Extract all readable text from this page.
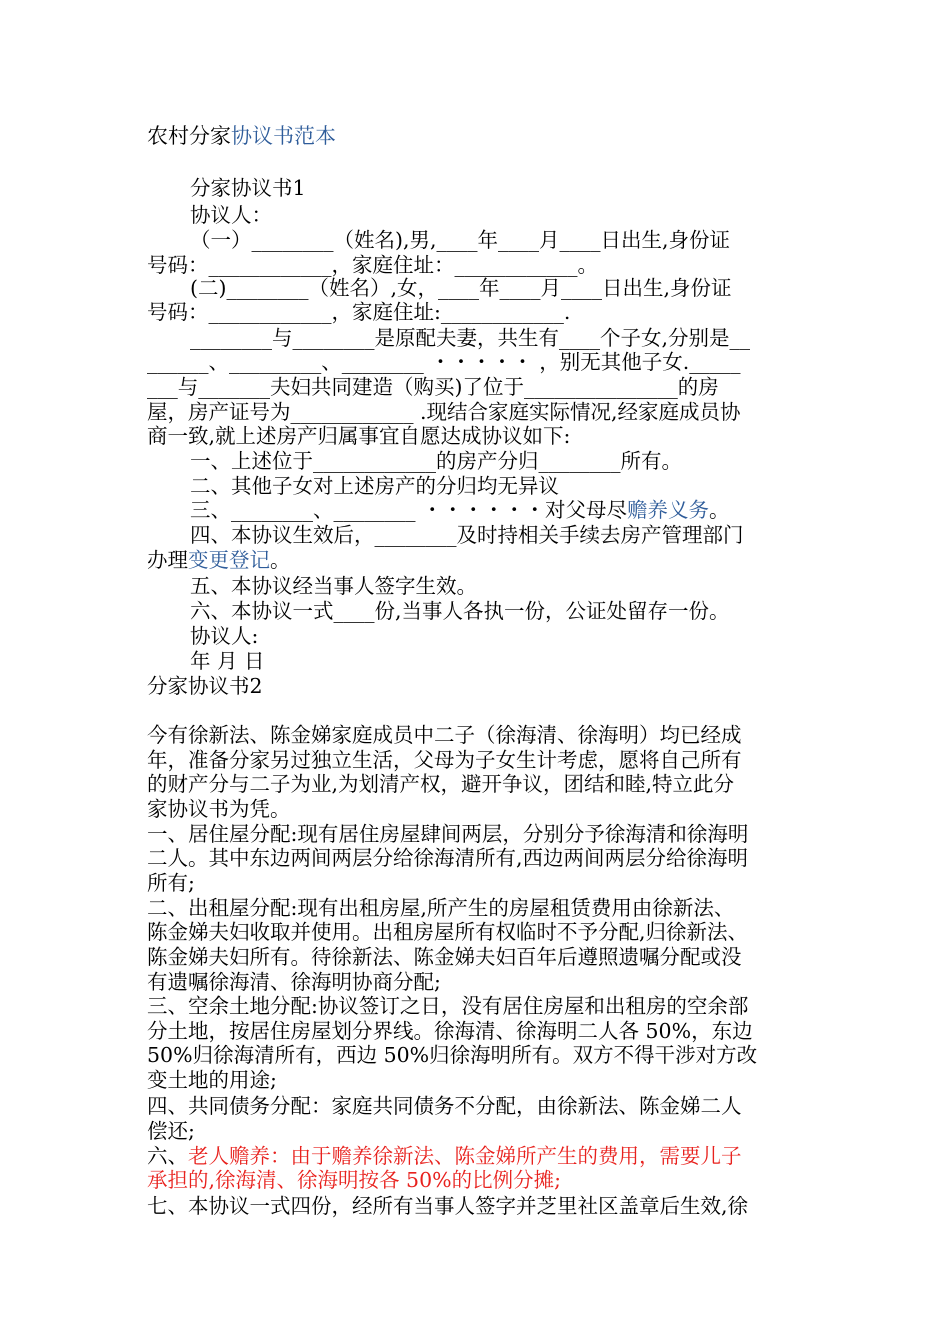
农村分家协议书范本
分家协议书1
协议人：
（一）________（姓名),男,____年____月____日出生,身份证
号码：____________，家庭住址：____________。
(二)________（姓名）,女，____年____月____日出生,身份证
号码：____________，家庭住址:____________.
________与________是原配夫妻，共生有____个子女,分别是__
______、_________、________ ・・・・・ ，别无其他子女._____
___与_______夫妇共同建造（购买)了位于_______________的房
屋，房产证号为____________ .现结合家庭实际情况,经家庭成员协
商一致,就上述房产归属事宜自愿达成协议如下:
一、上述位于____________的房产分归________所有。
二、其他子女对上述房产的分归均无异议
三、________、________ ・・・・・・对父母尽赡养义务。
四、本协议生效后，________及时持相关手续去房产管理部门
办理变更登记。
五、本协议经当事人签字生效。
六、本协议一式____份,当事人各执一份，公证处留存一份。
协议人:
年 月 日
分家协议书2
今有徐新法、陈金娣家庭成员中二子（徐海清、徐海明）均已经成
年，准备分家另过独立生活，父母为子女生计考虑，愿将自己所有
的财产分与二子为业,为划清产权，避开争议，团结和睦,特立此分
家协议书为凭。
一、居住屋分配:现有居住房屋肆间两层，分别分予徐海清和徐海明
二人。其中东边两间两层分给徐海清所有,西边两间两层分给徐海明
所有;
二、出租屋分配:现有出租房屋,所产生的房屋租赁费用由徐新法、
陈金娣夫妇收取并使用。出租房屋所有权临时不予分配,归徐新法、
陈金娣夫妇所有。待徐新法、陈金娣夫妇百年后遵照遗嘱分配或没
有遗嘱徐海清、徐海明协商分配;
三、空余土地分配:协议签订之日，没有居住房屋和出租房的空余部
分土地，按居住房屋划分界线。徐海清、徐海明二人各 50%，东边
50%归徐海清所有，西边 50%归徐海明所有。双方不得干涉对方改
变土地的用途;
四、共同债务分配：家庭共同债务不分配，由徐新法、陈金娣二人
偿还;
六、老人赡养：由于赡养徐新法、陈金娣所产生的费用，需要儿子
承担的,徐海清、徐海明按各 50%的比例分摊;
七、本协议一式四份，经所有当事人签字并芝里社区盖章后生效,徐
